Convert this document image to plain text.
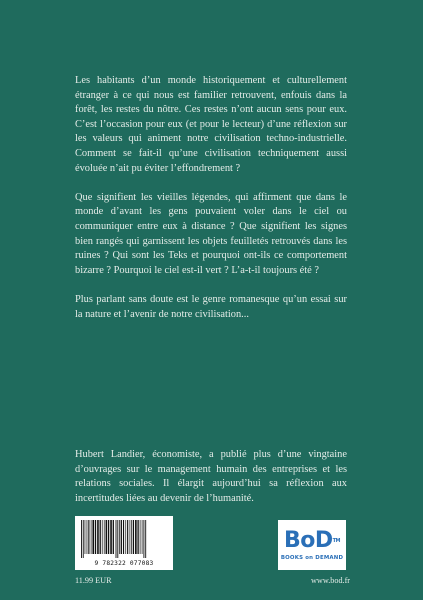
Les habitants d’un monde historiquement et culturellement étranger à ce qui nous est familier retrouvent, enfouis dans la forêt, les restes du nôtre. Ces restes n’ont aucun sens pour eux. C’est l’occasion pour eux (et pour le lecteur) d’une réflexion sur les valeurs qui animent notre civilisation techno-industrielle. Comment se fait-il qu’une civilisation techniquement aussi évoluée n’ait pu éviter l’effondrement ?

Que signifient les vieilles légendes, qui affirment que dans le monde d’avant les gens pouvaient voler dans le ciel ou communiquer entre eux à distance ? Que signifient les signes bien rangés qui garnissent les objets feuilletés retrouvés dans les ruines ? Qui sont les Teks et pourquoi ont-ils ce comportement bizarre ? Pourquoi le ciel est-il vert ? L’a-t-il toujours été ?

Plus parlant sans doute est le genre romanesque qu’un essai sur la nature et l’avenir de notre civilisation...

Hubert Landier, économiste, a publié plus d’une vingtaine d’ouvrages sur le management humain des entreprises et les relations sociales. Il élargit aujourd’hui sa réflexion aux incertitudes liées au devenir de l’humanité.

9 782322 077083
BoD™
BOOKS on DEMAND
11.99 EUR	www.bod.fr
